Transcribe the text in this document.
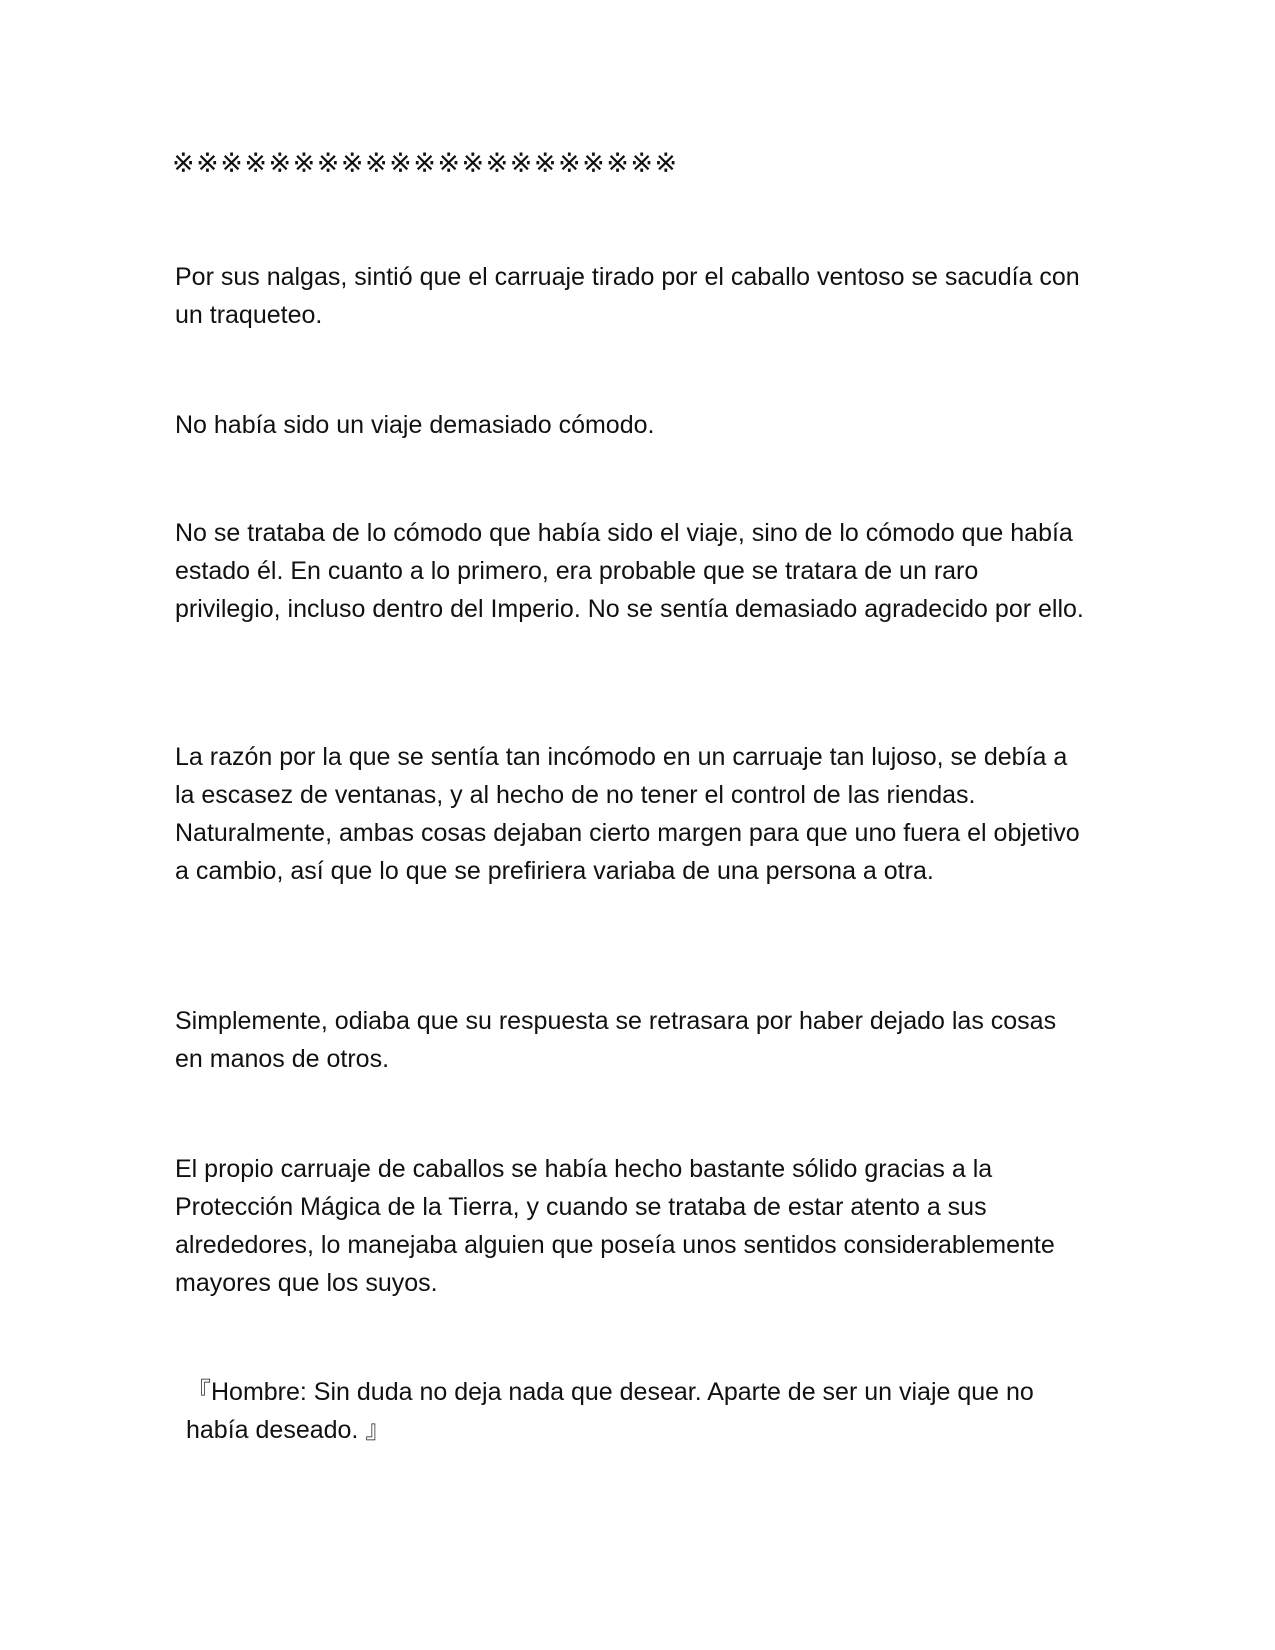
※※※※※※※※※※※※※※※※※※※※※

Por sus nalgas, sintió que el carruaje tirado por el caballo ventoso se sacudía con un traqueteo.

No había sido un viaje demasiado cómodo.

No se trataba de lo cómodo que había sido el viaje, sino de lo cómodo que había estado él. En cuanto a lo primero, era probable que se tratara de un raro privilegio, incluso dentro del Imperio. No se sentía demasiado agradecido por ello.

La razón por la que se sentía tan incómodo en un carruaje tan lujoso, se debía a la escasez de ventanas, y al hecho de no tener el control de las riendas. Naturalmente, ambas cosas dejaban cierto margen para que uno fuera el objetivo a cambio, así que lo que se prefiriera variaba de una persona a otra.

Simplemente, odiaba que su respuesta se retrasara por haber dejado las cosas en manos de otros.

El propio carruaje de caballos se había hecho bastante sólido gracias a la Protección Mágica de la Tierra, y cuando se trataba de estar atento a sus alrededores, lo manejaba alguien que poseía unos sentidos considerablemente mayores que los suyos.

『Hombre: Sin duda no deja nada que desear. Aparte de ser un viaje que no había deseado. 』
